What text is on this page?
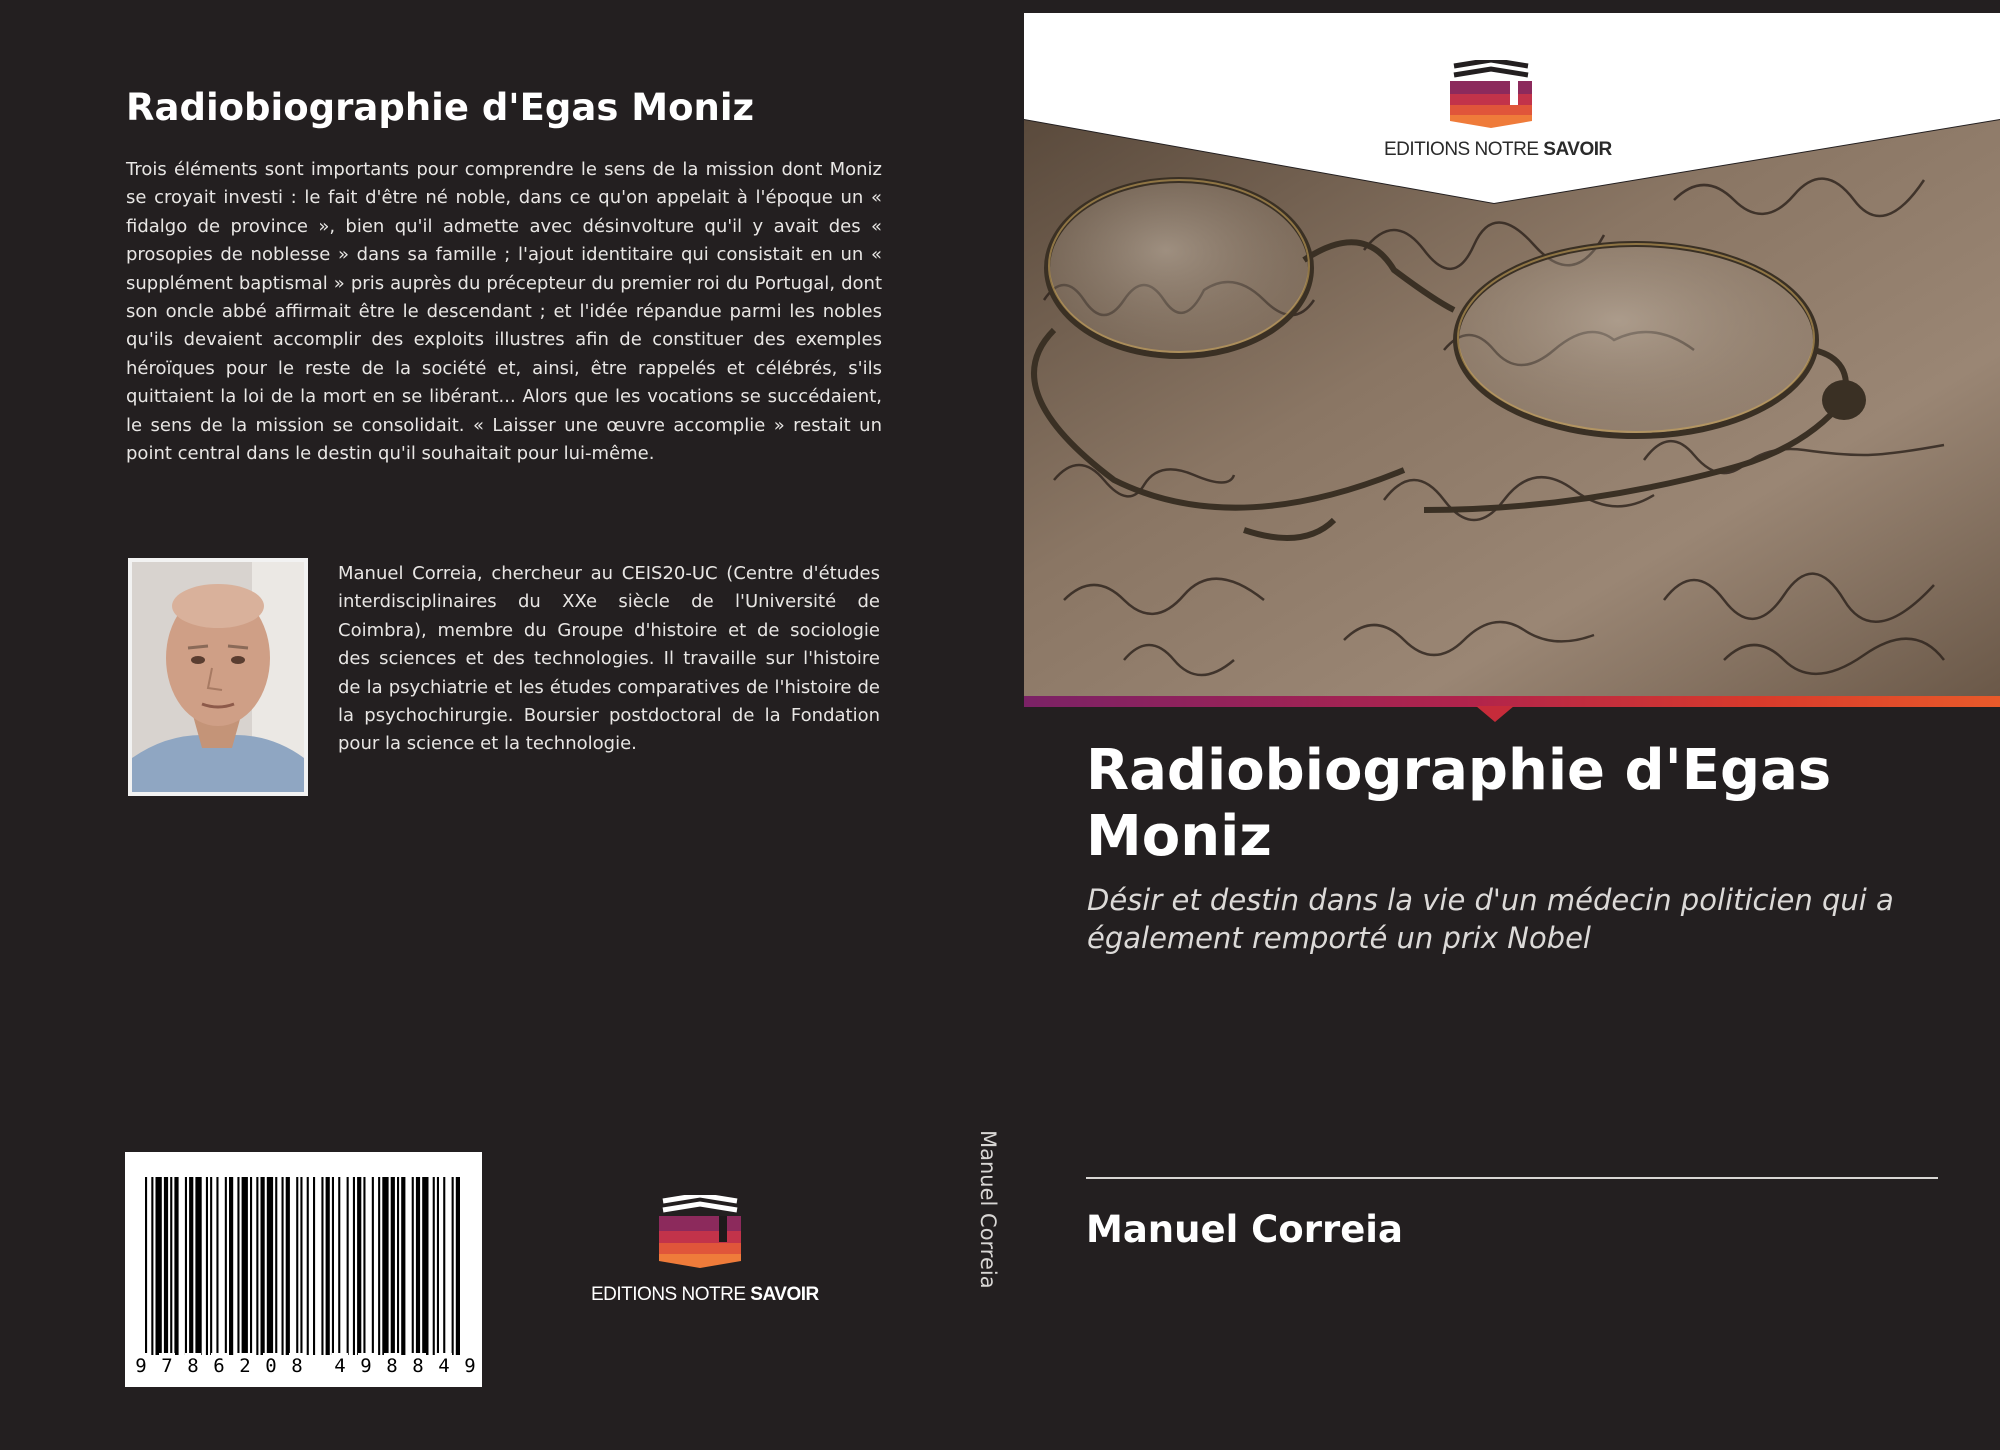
Radiobiographie d'Egas Moniz
Trois éléments sont importants pour comprendre le sens de la mission dont Moniz se croyait investi : le fait d'être né noble, dans ce qu'on appelait à l'époque un « fidalgo de province », bien qu'il admette avec désinvolture qu'il y avait des « prosopies de noblesse » dans sa famille ; l'ajout identitaire qui consistait en un « supplément baptismal » pris auprès du précepteur du premier roi du Portugal, dont son oncle abbé affirmait être le descendant ; et l'idée répandue parmi les nobles qu'ils devaient accomplir des exploits illustres afin de constituer des exemples héroïques pour le reste de la société et, ainsi, être rappelés et célébrés, s'ils quittaient la loi de la mort en se libérant... Alors que les vocations se succédaient, le sens de la mission se consolidait. « Laisser une œuvre accomplie » restait un point central dans le destin qu'il souhaitait pour lui-même.
Manuel Correia, chercheur au CEIS20-UC (Centre d'études interdisciplinaires du XXe siècle de l'Université de Coimbra), membre du Groupe d'histoire et de sociologie des sciences et des technologies. Il travaille sur l'histoire de la psychiatrie et les études comparatives de l'histoire de la psychochirurgie. Boursier postdoctoral de la Fondation pour la science et la technologie.
9 7 8 6 2 0 8 4 9 8 8 4 9
EDITIONS NOTRE SAVOIR
Manuel Correia
EDITIONS NOTRE SAVOIR
Radiobiographie d'Egas Moniz
Désir et destin dans la vie d'un médecin politicien qui a également remporté un prix Nobel
Manuel Correia
